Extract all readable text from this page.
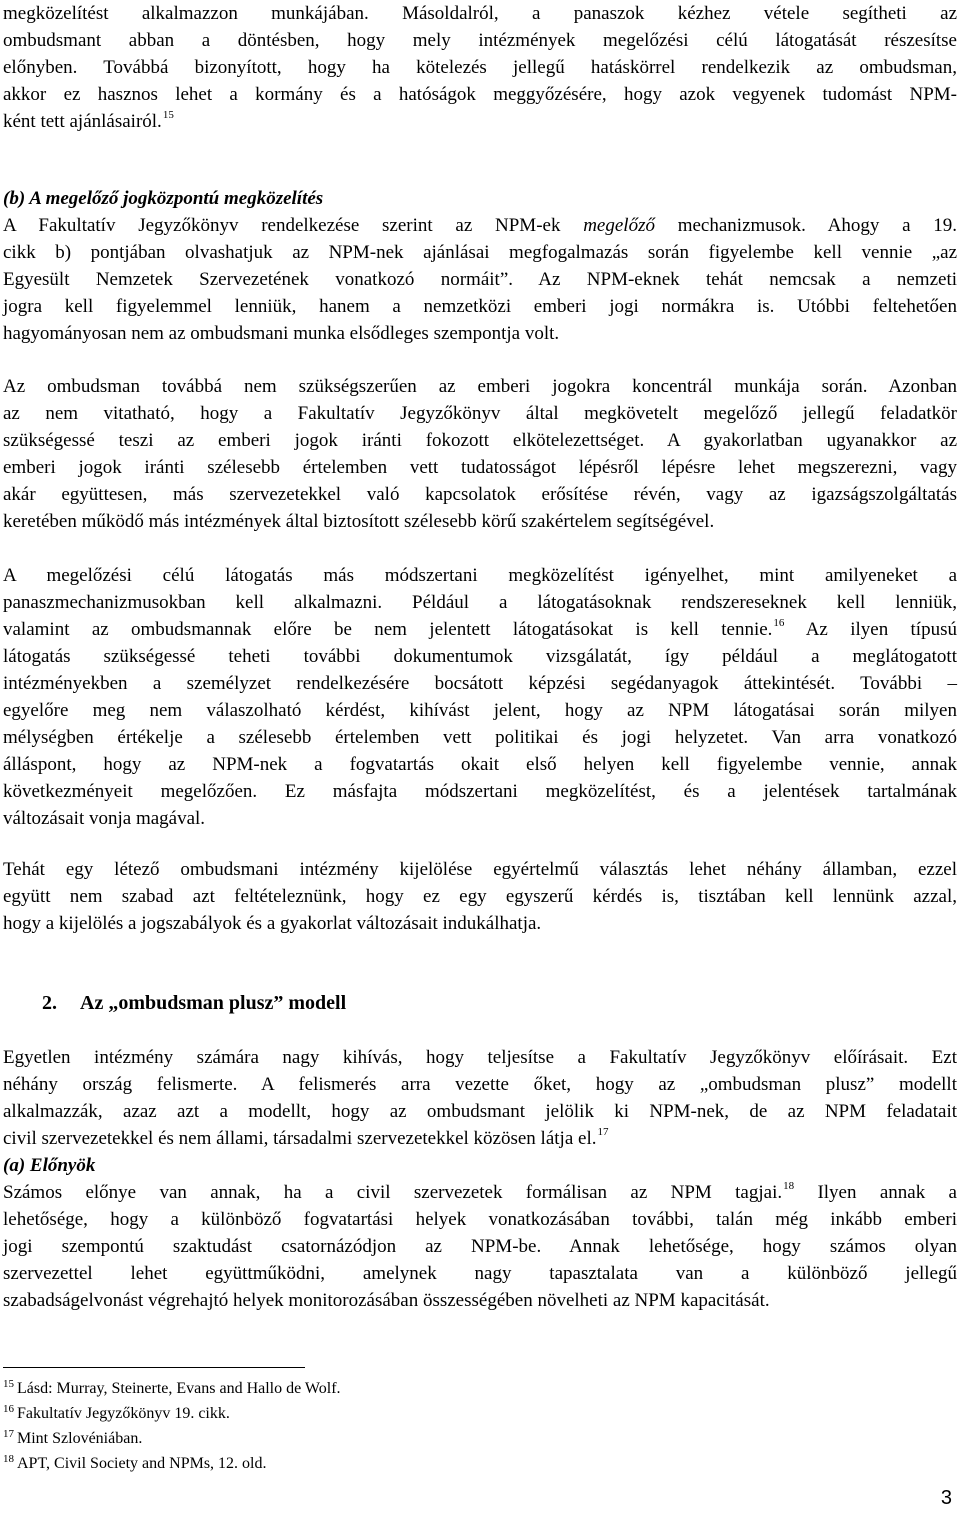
megközelítést alkalmazzon munkájában. Másoldalról, a panaszok kézhez vétele segítheti az
ombudsmant abban a döntésben, hogy mely intézmények megelőzési célú látogatását részesítse
előnyben. Továbbá bizonyított, hogy ha kötelezés jellegű hatáskörrel rendelkezik az ombudsman,
akkor ez hasznos lehet a kormány és a hatóságok meggyőzésére, hogy azok vegyenek tudomást NPM-
ként tett ajánlásairól.$^{15}$
(b) A megelőző jogközpontú megközelítés
A Fakultatív Jegyzőkönyv rendelkezése szerint az NPM-ek megelőző mechanizmusok. Ahogy a 19.
cikk b) pontjában olvashatjuk az NPM-nek ajánlásai megfogalmazás során figyelembe kell vennie „az
Egyesült Nemzetek Szervezetének vonatkozó normáit”. Az NPM-eknek tehát nemcsak a nemzeti
jogra kell figyelemmel lenniük, hanem a nemzetközi emberi jogi normákra is. Utóbbi feltehetően
hagyományosan nem az ombudsmani munka elsődleges szempontja volt.
Az ombudsman továbbá nem szükségszerűen az emberi jogokra koncentrál munkája során. Azonban
az nem vitatható, hogy a Fakultatív Jegyzőkönyv által megkövetelt megelőző jellegű feladatkör
szükségessé teszi az emberi jogok iránti fokozott elkötelezettséget. A gyakorlatban ugyanakkor az
emberi jogok iránti szélesebb értelemben vett tudatosságot lépésről lépésre lehet megszerezni, vagy
akár együttesen, más szervezetekkel való kapcsolatok erősítése révén, vagy az igazságszolgáltatás
keretében működő más intézmények által biztosított szélesebb körű szakértelem segítségével.
A megelőzési célú látogatás más módszertani megközelítést igényelhet, mint amilyeneket a
panaszmechanizmusokban kell alkalmazni. Például a látogatásoknak rendszereseknek kell lenniük,
valamint az ombudsmannak előre be nem jelentett látogatásokat is kell tennie.$^{16}$ Az ilyen típusú
látogatás szükségessé teheti további dokumentumok vizsgálatát, így például a meglátogatott
intézményekben a személyzet rendelkezésére bocsátott képzési segédanyagok áttekintését. További –
egyelőre meg nem válaszolható kérdést, kihívást jelent, hogy az NPM látogatásai során milyen
mélységben értékelje a szélesebb értelemben vett politikai és jogi helyzetet. Van arra vonatkozó
álláspont, hogy az NPM-nek a fogvatartás okait első helyen kell figyelembe vennie, annak
következményeit megelőzően. Ez másfajta módszertani megközelítést, és a jelentések tartalmának
változásait vonja magával.
Tehát egy létező ombudsmani intézmény kijelölése egyértelmű választás lehet néhány államban, ezzel
együtt nem szabad azt feltételeznünk, hogy ez egy egyszerű kérdés is, tisztában kell lennünk azzal,
hogy a kijelölés a jogszabályok és a gyakorlat változásait indukálhatja.
2. Az „ombudsman plusz” modell
Egyetlen intézmény számára nagy kihívás, hogy teljesítse a Fakultatív Jegyzőkönyv előírásait. Ezt
néhány ország felismerte. A felismerés arra vezette őket, hogy az „ombudsman plusz” modellt
alkalmazzák, azaz azt a modellt, hogy az ombudsmant jelölik ki NPM-nek, de az NPM feladatait
civil szervezetekkel és nem állami, társadalmi szervezetekkel közösen látja el.$^{17}$
(a) Előnyök
Számos előnye van annak, ha a civil szervezetek formálisan az NPM tagjai.$^{18}$ Ilyen annak a
lehetősége, hogy a különböző fogvatartási helyek vonatkozásában további, talán még inkább emberi
jogi szempontú szaktudást csatornázódjon az NPM-be. Annak lehetősége, hogy számos olyan
szervezettel lehet együttműködni, amelynek nagy tapasztalata van a különböző jellegű
szabadságelvonást végrehajtó helyek monitorozásában összességében növelheti az NPM kapacitását.
$^{15}$ Lásd: Murray, Steinerte, Evans and Hallo de Wolf.
$^{16}$ Fakultatív Jegyzőkönyv 19. cikk.
$^{17}$ Mint Szlovéniában.
$^{18}$ APT, Civil Society and NPMs, 12. old.
3
